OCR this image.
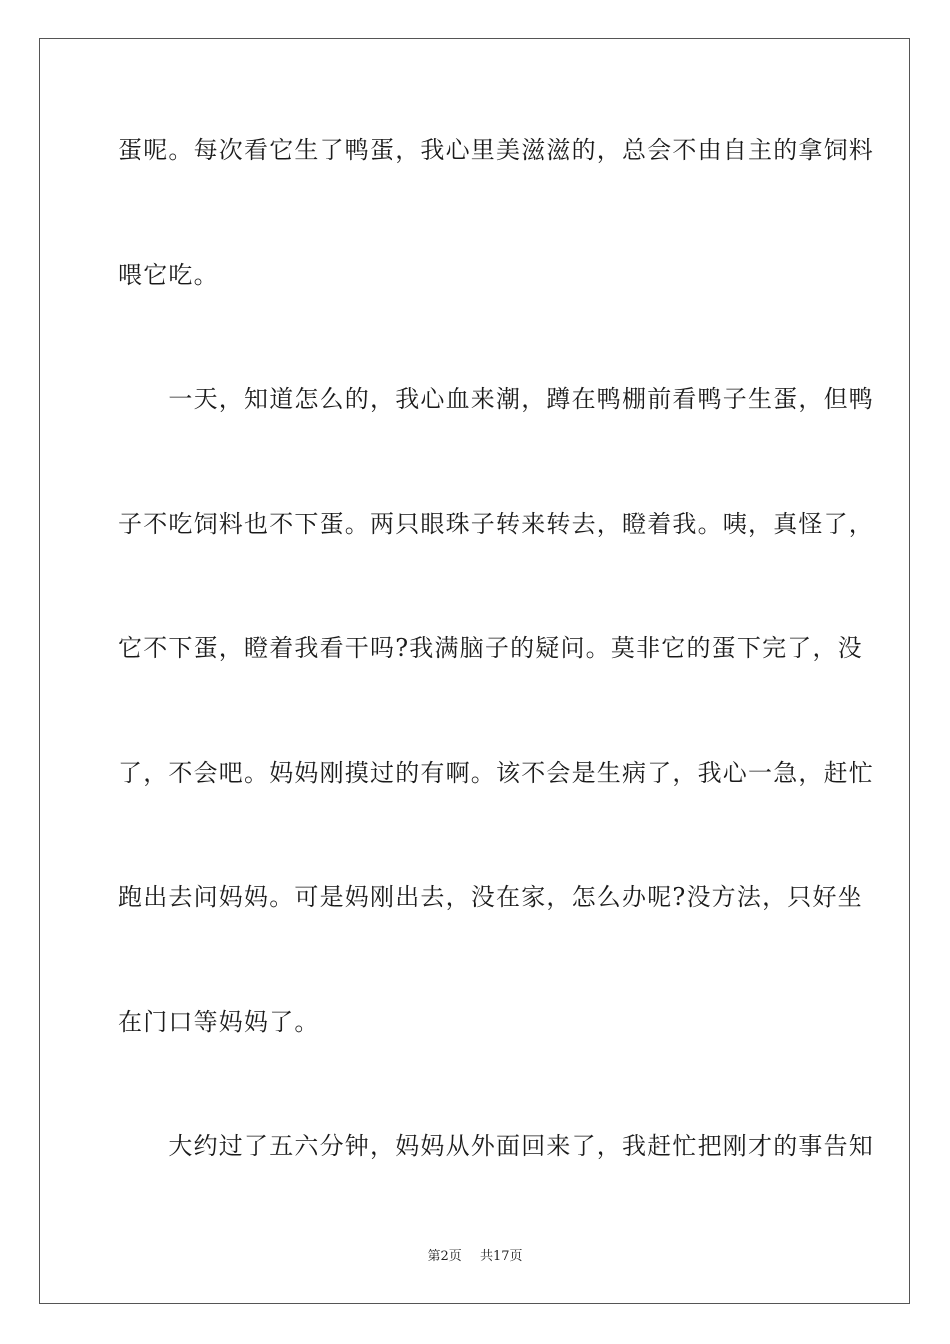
蛋呢。每次看它生了鸭蛋，我心里美滋滋的，总会不由自主的拿饲料
喂它吃。
　　一天，知道怎么的，我心血来潮，蹲在鸭棚前看鸭子生蛋，但鸭
子不吃饲料也不下蛋。两只眼珠子转来转去，瞪着我。咦，真怪了，
它不下蛋，瞪着我看干吗?我满脑子的疑问。莫非它的蛋下完了，没
了，不会吧。妈妈刚摸过的有啊。该不会是生病了，我心一急，赶忙
跑出去问妈妈。可是妈刚出去，没在家，怎么办呢?没方法，只好坐
在门口等妈妈了。
　　大约过了五六分钟，妈妈从外面回来了，我赶忙把刚才的事告知
第2页 共17页
